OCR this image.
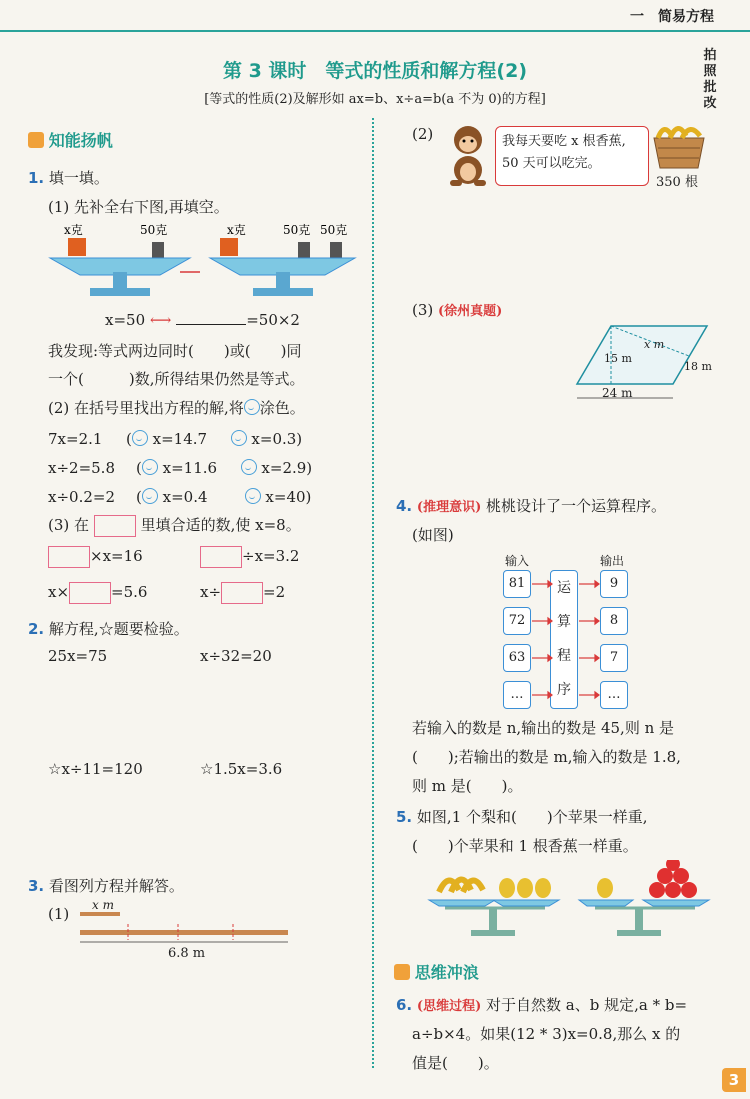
一　简易方程
拍
照
批
改
第 3 课时　等式的性质和解方程(2)
[等式的性质(2)及解形如 ax=b、x÷a=b(a 不为 0)的方程]
知能扬帆
1. 填一填。
(1) 先补全右下图,再填空。
x克	50克	x克	50克 50克
x=50 ⟷	=50×2
我发现:等式两边同时(　　)或(　　)同
一个(　　　)数,所得结果仍然是等式。
(2) 在括号里找出方程的解,将 涂色。
7x=2.1 ( x=14.7	x=0.3)
x÷2=5.8 ( x=11.6	x=2.9)
x÷0.2=2 ( x=0.4	x=40)
(3) 在	里填合适的数,使 x=8。
×x=16	÷x=3.2
x×	=5.6	x÷	=2
2. 解方程,☆题要检验。
25x=75	x÷32=20
☆x÷11=120	☆1.5x=3.6
3. 看图列方程并解答。
(1) x m
6.8 m
(2)	我每天要吃 x 根香蕉,
50 天可以吃完。
350 根
(3) (徐州真题)
x m
15 m
18 m
24 m
4. (推理意识) 桃桃设计了一个运算程序。
(如图)
输入	输出
81
72
63
…
运
算
程
序
9
8
7
…
若输入的数是 n,输出的数是 45,则 n 是
(　　);若输出的数是 m,输入的数是 1.8,
则 m 是(　　)。
5. 如图,1 个梨和(　　)个苹果一样重,
(　　)个苹果和 1 根香蕉一样重。
思维冲浪
6. (思维过程) 对于自然数 a、b 规定,a * b=
a÷b×4。如果(12 * 3)x=0.8,那么 x 的
值是(　　)。
3
